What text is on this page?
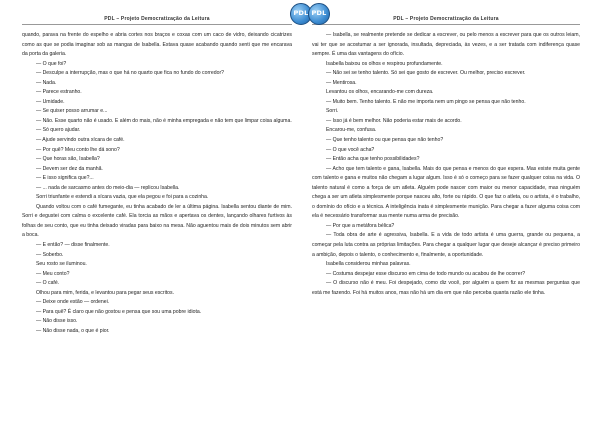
PDL – Projeto Democratização da Leitura
PDL

quando, parava na frente do espelho e abria cortes nos braços e coxas com um caco de vidro, deixando cicatrizes como as que se podia imaginar sob as mangas de Isabella. Estava quase acabando quando senti que me encarava da porta da galeria.

— O que foi?

— Desculpe a interrupção, mas o que há no quarto que fica no fundo do corredor?

— Nada.

— Parece estranho.

— Umidade.

— Se quiser posso arrumar e...

— Não. Esse quarto não é usado. E além do mais, não é minha empregada e não tem que limpar coisa alguma.

— Só quero ajudar.

— Ajude servindo outra xícara de café.

— Por quê? Meu conto lhe dá sono?

— Que horas são, Isabella?

— Devem ser dez da manhã.

— E isso significa que?...

— ... nada de sarcasmo antes do meio-dia — replicou Isabella.

Sorri triunfante e estendi a xícara vazia, que ela pegou e foi para a cozinha.

Quando voltou com o café fumegante, eu tinha acabado de ler a última página. Isabella sentou diante de mim. Sorri e degustei com calma o excelente café. Ela torcia as mãos e apertava os dentes, lançando olhares furtivos às folhas de seu conto, que eu tinha deixado viradas para baixo na mesa. Não aguentou mais de dois minutos sem abrir a boca.

— E então? — disse finalmente.

— Soberbo.

Seu rosto se iluminou.

— Meu conto?

— O café.

Olhou para mim, ferida, e levantou para pegar seus escritos.

— Deixe onde estão — ordenei.

— Para quê? É claro que não gostou e pensa que sou uma pobre idiota.

— Não disse isso.

— Não disse nada, o que é pior.

PDL
PDL – Projeto Democratização da Leitura

— Isabella, se realmente pretende se dedicar a escrever, ou pelo menos a escrever para que os outros leiam, vai ter que se acostumar a ser ignorada, insultada, depreciada, às vezes, e a ser tratada com indiferença quase sempre. É uma das vantagens do ofício.

Isabella baixou os olhos e respirou profundamente.

— Não sei se tenho talento. Só sei que gosto de escrever. Ou melhor, preciso escrever.

— Mentirosa.

Levantou os olhos, encarando-me com dureza.

— Muito bem. Tenho talento. E não me importa nem um pingo se pensa que não tenho.

Sorri.

— Isso já é bem melhor. Não poderia estar mais de acordo.

Encarou-me, confusa.

— Que tenho talento ou que pensa que não tenho?

— O que você acha?

— Então acha que tenho possibilidades?

— Acho que tem talento e gana, Isabella. Mais do que pensa e menos do que espera. Mas existe muita gente com talento e gana e muitos não chegam a lugar algum. Isso é só o começo para se fazer qualquer coisa na vida. O talento natural é como a força de um atleta. Alguém pode nascer com maior ou menor capacidade, mas ninguém chega a ser um atleta simplesmente porque nasceu alto, forte ou rápido. O que faz o atleta, ou o artista, é o trabalho, o domínio do ofício e a técnica. A inteligência inata é simplesmente munição. Para chegar a fazer alguma coisa com ela é necessário transformar sua mente numa arma de precisão.

— Por que a metáfora bélica?

— Toda obra de arte é agressiva, Isabella. E a vida de todo artista é uma guerra, grande ou pequena, a começar pela luta contra as próprias limitações. Para chegar a qualquer lugar que deseje alcançar é preciso primeiro a ambição, depois o talento, o conhecimento e, finalmente, a oportunidade.

Isabella considerou minhas palavras.

— Costuma despejar esse discurso em cima de todo mundo ou acabou de lhe ocorrer?

— O discurso não é meu. Foi despejado, como diz você, por alguém a quem fiz as mesmas perguntas que está me fazendo. Foi há muitos anos, mas não há um dia em que não perceba quanta razão ele tinha.
